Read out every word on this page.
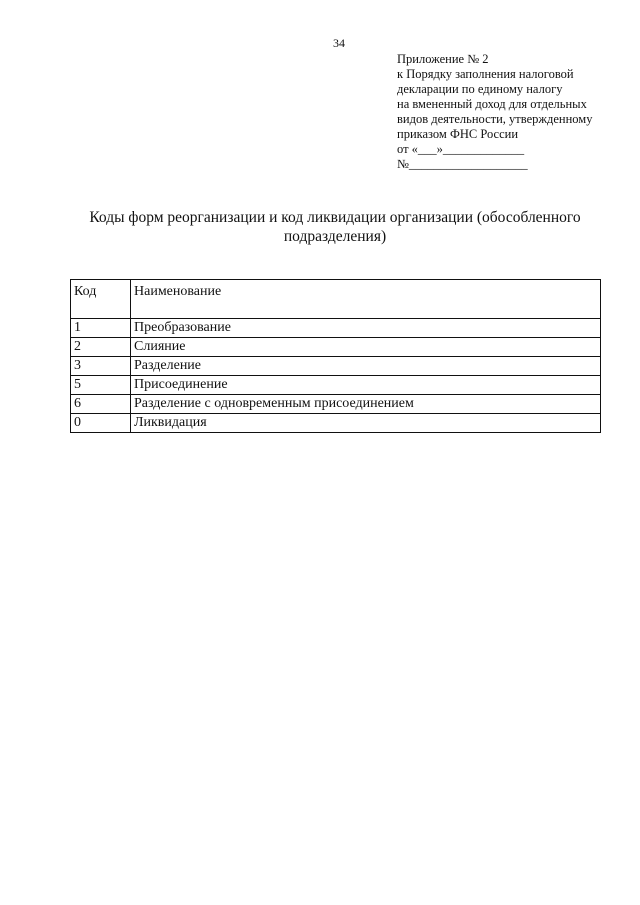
34
Приложение № 2
к Порядку заполнения налоговой
декларации по единому налогу
на вмененный доход для отдельных
видов деятельности, утвержденному
приказом ФНС России
от «___»_____________
№___________________
Коды форм реорганизации и код ликвидации организации (обособленного
подразделения)
Код	Наименование
1	Преобразование
2	Слияние
3	Разделение
5	Присоединение
6	Разделение с одновременным присоединением
0	Ликвидация
